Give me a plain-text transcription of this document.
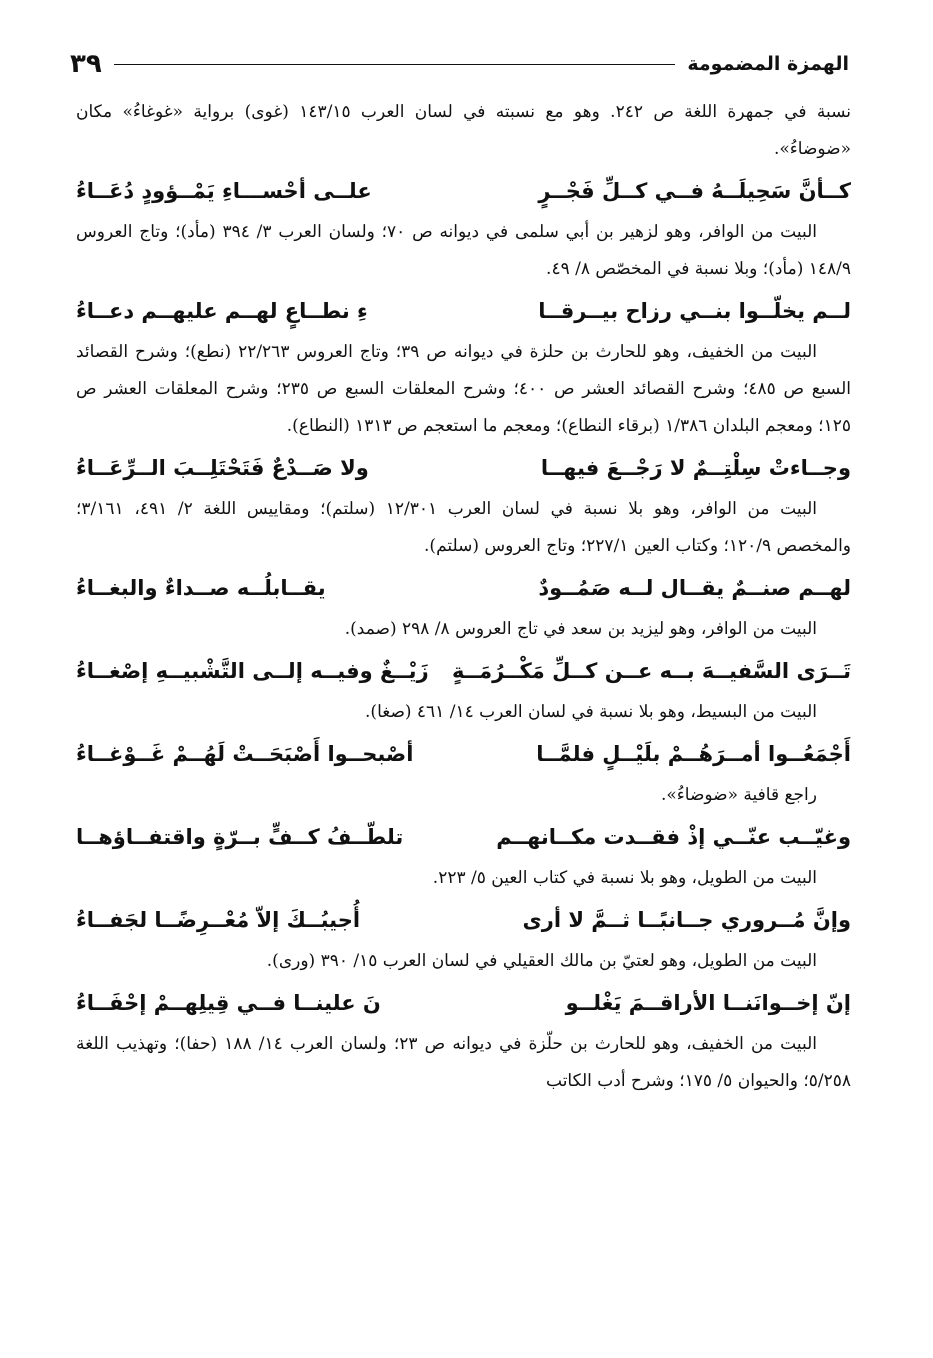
الهمزة المضمومة
٣٩

نسبة في جمهرة اللغة ص ٢٤٢. وهو مع نسبته في لسان العرب ١٤٣/١٥ (غوى) برواية «غوغاءُ» مكان «ضوضاءُ».

كــأنَّ سَحِيلَــهُ فــي كــلِّ فَجْــرٍ
علــى أحْســـاءِ يَمْــؤودٍ دُعَــاءُ

البيت من الوافر، وهو لزهير بن أبي سلمى في ديوانه ص ٧٠؛ ولسان العرب ٣/ ٣٩٤ (مأد)؛ وتاج العروس ١٤٨/٩ (مأد)؛ وبلا نسبة في المخصّص ٨/ ٤٩.

لــم يخلّــوا بنــي رزاح بيــرقــا
ءِ نطــاعٍ لهــم عليهــم دعــاءُ

البيت من الخفيف، وهو للحارث بن حلزة في ديوانه ص ٣٩؛ وتاج العروس ٢٢/٢٦٣ (نطع)؛ وشرح القصائد السبع ص ٤٨٥؛ وشرح القصائد العشر ص ٤٠٠؛ وشرح المعلقات السبع ص ٢٣٥؛ وشرح المعلقات العشر ص ١٢٥؛ ومعجم البلدان ١/٣٨٦ (برقاء النطاع)؛ ومعجم ما استعجم ص ١٣١٣ (النطاع).

وجــاءتْ سِلْتِــمٌ لا رَجْــعَ فيهــا
ولا صَــدْعٌ فَتَحْتَلِــبَ الــرِّعَــاءُ

البيت من الوافر، وهو بلا نسبة في لسان العرب ١٢/٣٠١ (سلتم)؛ ومقاييس اللغة ٢/ ٤٩١، ٣/١٦١؛ والمخصص ١٢٠/٩؛ وكتاب العين ٢٢٧/١؛ وتاج العروس (سلتم).

لهــم صنــمٌ يقــال لــه صَمُــودٌ
يقــابلُــه صــداءٌ والبغــاءُ

البيت من الوافر، وهو ليزيد بن سعد في تاج العروس ٨/ ٢٩٨ (صمد).

تَــرَى السَّفيــهَ بــه عــن كــلِّ مَكْــرُمَــةٍ
زَيْــغٌ وفيــه إلــى التَّشْبيــهِ إصْغــاءُ

البيت من البسيط، وهو بلا نسبة في لسان العرب ١٤/ ٤٦١ (صغا).

أَجْمَعُــوا أمــرَهُــمْ بلَيْــلٍ فلمَّــا
أصْبحــوا أَصْبَحَــتْ لَهُــمْ غَــوْغــاءُ

راجع قافية «ضوضاءُ».

وغيّــب عنّــي إذْ فقــدت مكــانهــم
تلطّــفُ كــفٍّ بــرّةٍ واقتفــاؤهــا

البيت من الطويل، وهو بلا نسبة في كتاب العين ٥/ ٢٢٣.

وإنَّ مُــروري جــانبًــا ثــمَّ لا أرى
أُجيبُــكَ إلاّ مُعْــرِضًــا لجَفــاءُ

البيت من الطويل، وهو لعتيّ بن مالك العقيلي في لسان العرب ١٥/ ٣٩٠ (ورى).

إنّ إخــوانَنــا الأراقــمَ يَغْلــو
نَ علينــا فــي قِيلِهــمْ إحْفَــاءُ

البيت من الخفيف، وهو للحارث بن حلّزة في ديوانه ص ٢٣؛ ولسان العرب ١٤/ ١٨٨ (حفا)؛ وتهذيب اللغة ٥/٢٥٨؛ والحيوان ٥/ ١٧٥؛ وشرح أدب الكاتب
